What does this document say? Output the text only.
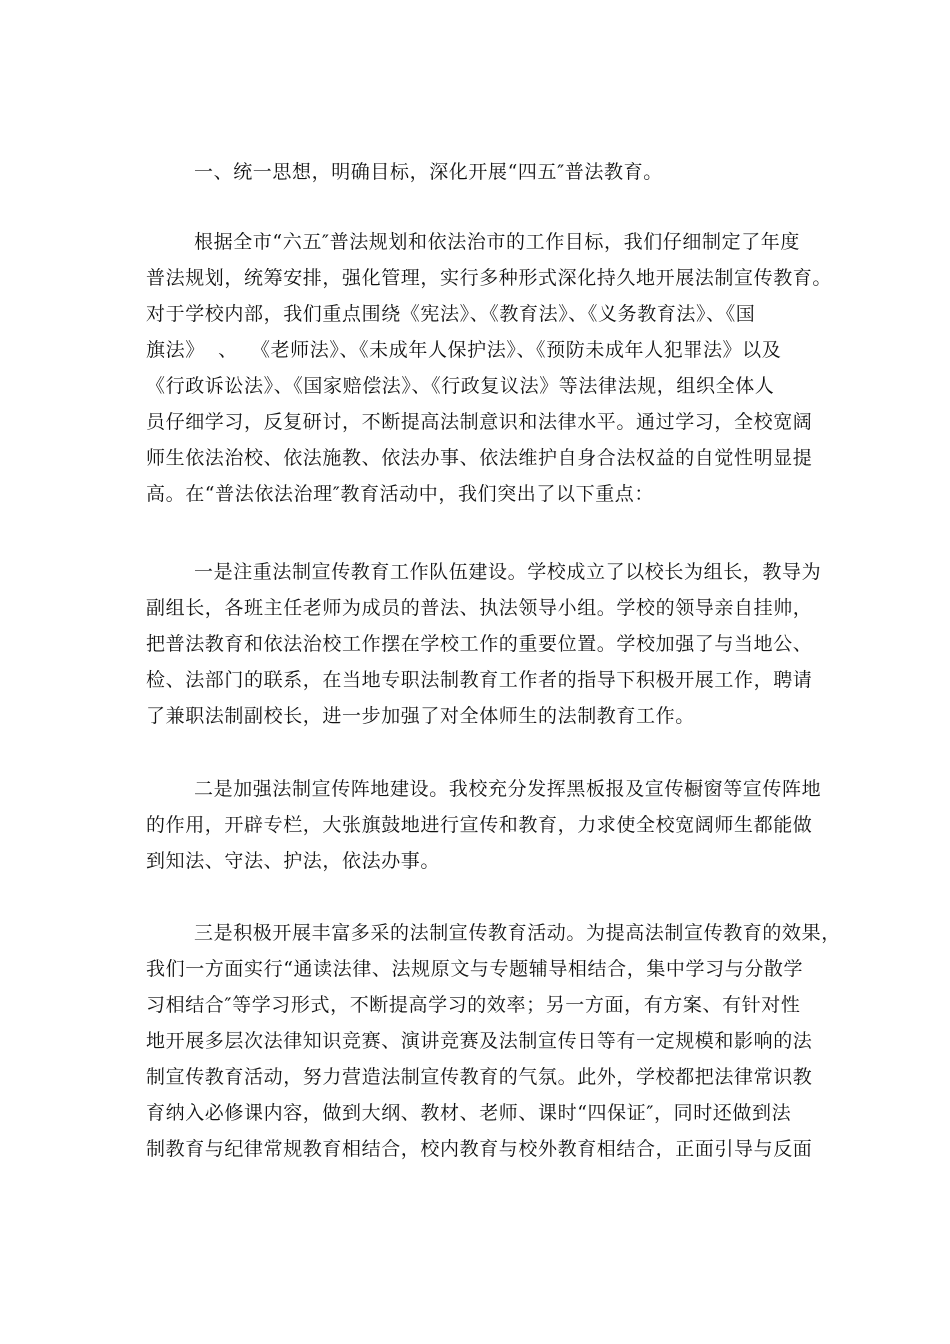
一、统一思想，明确目标，深化开展“四五″普法教育。

根据全市“六五″普法规划和依法治市的工作目标，我们仔细制定了年度
普法规划，统筹安排，强化管理，实行多种形式深化持久地开展法制宣传教育。
对于学校内部，我们重点围绕《宪法》、《教育法》、《义务教育法》、《国
旗法》  、  《老师法》、《未成年人保护法》、《预防未成年人犯罪法》以及
《行政诉讼法》、《国家赔偿法》、《行政复议法》等法律法规，组织全体人
员仔细学习，反复研讨，不断提高法制意识和法律水平。通过学习，全校宽阔
师生依法治校、依法施教、依法办事、依法维护自身合法权益的自觉性明显提
高。在“普法依法治理″教育活动中，我们突出了以下重点：

一是注重法制宣传教育工作队伍建设。学校成立了以校长为组长，教导为
副组长，各班主任老师为成员的普法、执法领导小组。学校的领导亲自挂帅，
把普法教育和依法治校工作摆在学校工作的重要位置。学校加强了与当地公、
检、法部门的联系，在当地专职法制教育工作者的指导下积极开展工作，聘请
了兼职法制副校长，进一步加强了对全体师生的法制教育工作。

二是加强法制宣传阵地建设。我校充分发挥黑板报及宣传橱窗等宣传阵地
的作用，开辟专栏，大张旗鼓地进行宣传和教育，力求使全校宽阔师生都能做
到知法、守法、护法，依法办事。

三是积极开展丰富多采的法制宣传教育活动。为提高法制宣传教育的效果，
我们一方面实行“通读法律、法规原文与专题辅导相结合，集中学习与分散学
习相结合″等学习形式，不断提高学习的效率；另一方面，有方案、有针对性
地开展多层次法律知识竞赛、演讲竞赛及法制宣传日等有一定规模和影响的法
制宣传教育活动，努力营造法制宣传教育的气氛。此外，学校都把法律常识教
育纳入必修课内容，做到大纲、教材、老师、课时“四保证″，同时还做到法
制教育与纪律常规教育相结合，校内教育与校外教育相结合，正面引导与反面
